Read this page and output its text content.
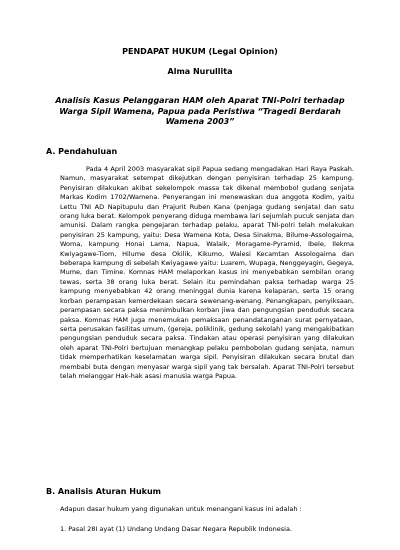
PENDAPAT HUKUM (Legal Opinion)
Alma Nurullita
Analisis Kasus Pelanggaran HAM oleh Aparat TNI-Polri terhadap Warga Sipil Wamena, Papua pada Peristiwa “Tragedi Berdarah Wamena 2003”
A. Pendahuluan

Pada 4 April 2003 masyarakat sipil Papua sedang mengadakan Hari Raya Paskah. Namun, masyarakat setempat dikejutkan dengan penyisiran terhadap 25 kampung. Penyisiran dilakukan akibat sekelompok massa tak dikenal membobol gudang senjata Markas Kodim 1702/Wamena. Penyerangan ini menewaskan dua anggota Kodim, yaitu Lettu TNI AD Napitupulu dan Prajurit Ruben Kana (penjaga gudang senjata) dan satu orang luka berat. Kelompok penyerang diduga membawa lari sejumlah pucuk senjata dan amunisi. Dalam rangka pengejaran terhadap pelaku, aparat TNI-polri telah melakukan penyisiran 25 kampung, yaitu: Desa Wamena Kota, Desa Sinakma, Bilume-Assologaima, Woma, kampung Honai Lama, Napua, Walaik, Moragame-Pyramid, Ibele, Ilekma Kwiyagawe-Tiom, Hilume desa Okilik, Kikumo, Walesi Kecamtan Assologaima dan beberapa kampung di sebelah Kwiyagawe yaitu: Luarem, Wupaga, Nenggeyagin, Gegeya, Mume, dan Timine. Komnas HAM melaporkan kasus ini menyebabkan sembilan orang tewas, serta 38 orang luka berat. Selain itu pemindahan paksa terhadap warga 25 kampung menyebabkan 42 orang meninggal dunia karena kelaparan, serta 15 orang korban perampasan kemerdekaan secara sewenang-wenang. Penangkapan, penyiksaan, perampasan secara paksa menimbulkan korban jiwa dan pengungsian penduduk secara paksa. Komnas HAM juga menemukan pemaksaan penandatanganan surat pernyataan, serta perusakan fasilitas umum, (gereja, poliklinik, gedung sekolah) yang mengakibatkan pengungsian penduduk secara paksa. Tindakan atau operasi penyisiran yang dilakukan oleh aparat TNI-Polri bertujuan menangkap pelaku pembobolan gudang senjata, namun tidak memperhatikan keselamatan warga sipil. Penyisiran dilakukan secara brutal dan membabi buta dengan menyasar warga sipil yang tak bersalah. Aparat TNI-Polri tersebut telah melanggar Hak-hak asasi manusia warga Papua.

B. Analisis Aturan Hukum

Adapun dasar hukum yang digunakan untuk menangani kasus ini adalah :

1. Pasal 28I ayat (1) Undang Undang Dasar Negara Republik Indonesia.
